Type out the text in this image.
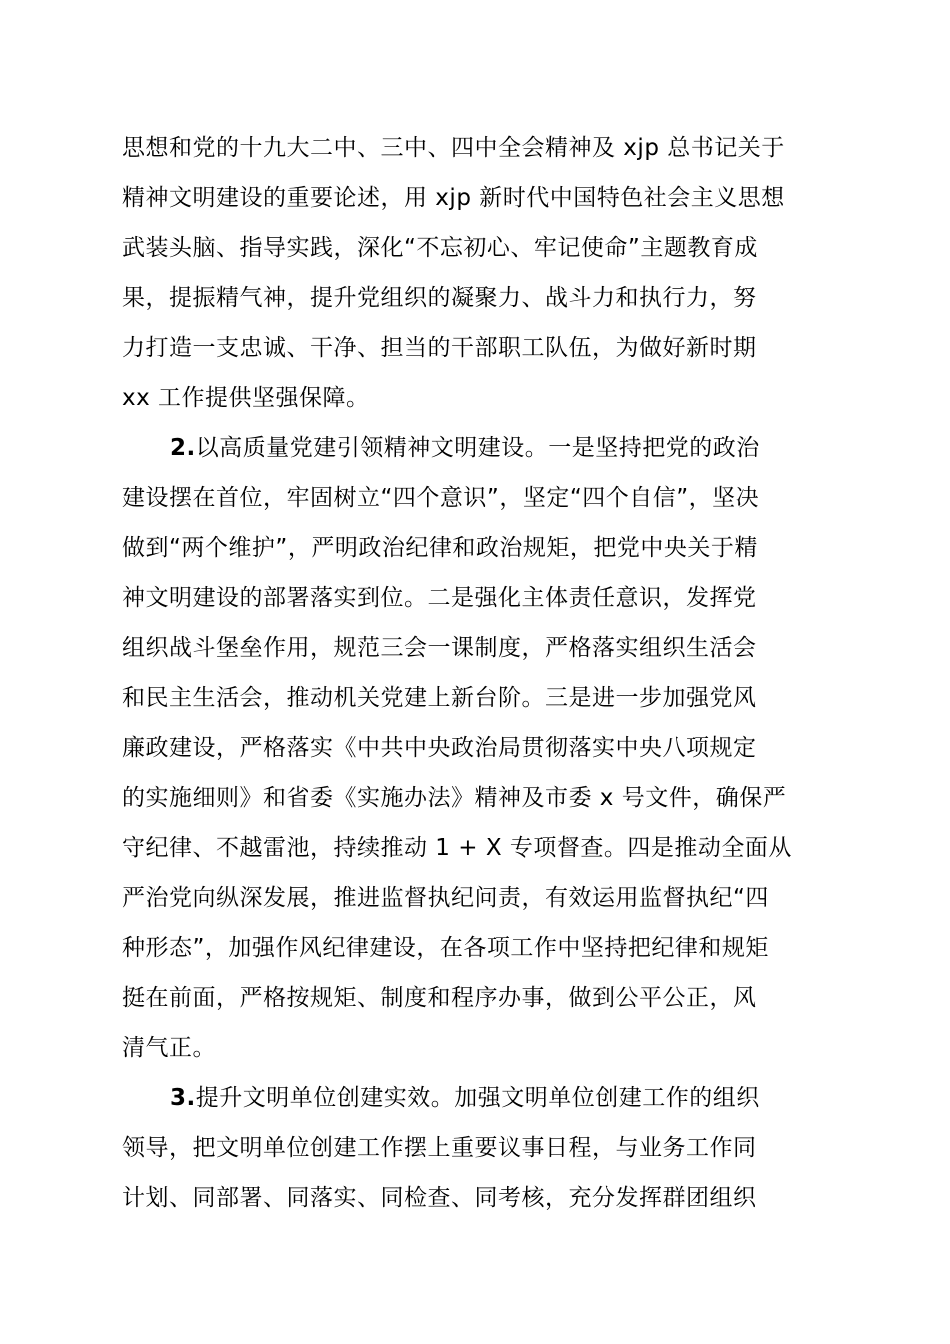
思想和党的十九大二中、三中、四中全会精神及 xjp 总书记关于
精神文明建设的重要论述，用 xjp 新时代中国特色社会主义思想
武装头脑、指导实践，深化“不忘初心、牢记使命”主题教育成
果，提振精气神，提升党组织的凝聚力、战斗力和执行力，努
力打造一支忠诚、干净、担当的干部职工队伍，为做好新时期
xx 工作提供坚强保障。
2.以高质量党建引领精神文明建设。一是坚持把党的政治
建设摆在首位，牢固树立“四个意识”，坚定“四个自信”，坚决
做到“两个维护”，严明政治纪律和政治规矩，把党中央关于精
神文明建设的部署落实到位。二是强化主体责任意识，发挥党
组织战斗堡垒作用，规范三会一课制度，严格落实组织生活会
和民主生活会，推动机关党建上新台阶。三是进一步加强党风
廉政建设，严格落实《中共中央政治局贯彻落实中央八项规定
的实施细则》和省委《实施办法》精神及市委 x 号文件，确保严
守纪律、不越雷池，持续推动 1 + X 专项督查。四是推动全面从
严治党向纵深发展，推进监督执纪问责，有效运用监督执纪“四
种形态”，加强作风纪律建设，在各项工作中坚持把纪律和规矩
挺在前面，严格按规矩、制度和程序办事，做到公平公正，风
清气正。
3.提升文明单位创建实效。加强文明单位创建工作的组织
领导，把文明单位创建工作摆上重要议事日程，与业务工作同
计划、同部署、同落实、同检查、同考核，充分发挥群团组织
